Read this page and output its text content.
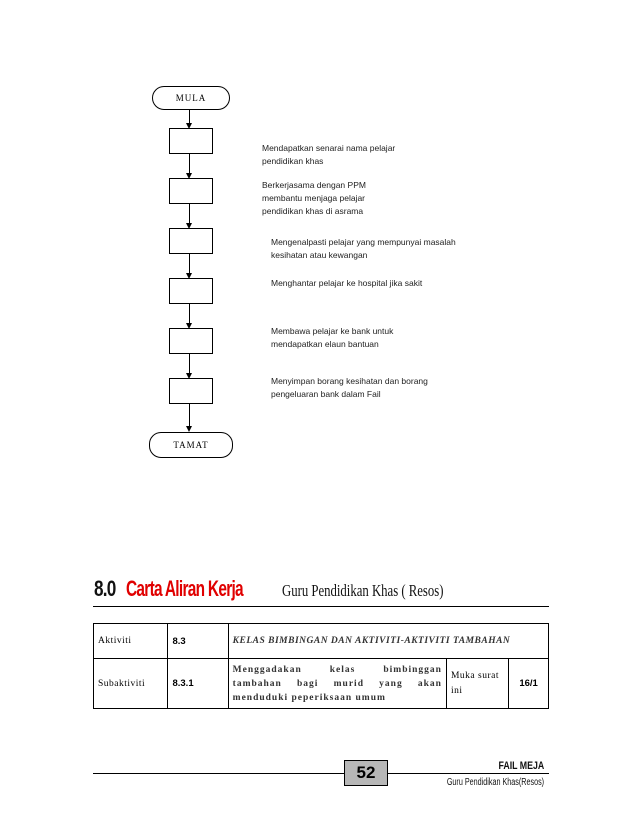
MULA
TAMAT
Mendapatkan senarai nama pelajar
pendidikan khas
Berkerjasama dengan PPM
membantu menjaga pelajar
pendidikan khas di asrama
Mengenalpasti pelajar yang mempunyai masalah
kesihatan atau kewangan
Menghantar pelajar ke hospital jika sakit
Membawa pelajar ke bank untuk
mendapatkan elaun bantuan
Menyimpan borang kesihatan dan borang
pengeluaran bank dalam Fail
8.0 Carta Aliran Kerja Guru Pendidikan Khas ( Resos)
Aktiviti	8.3	KELAS BIMBINGAN DAN AKTIVITI-AKTIVITI TAMBAHAN		
Subaktiviti	8.3.1	Menggadakan kelas bimbinggan tambahan bagi murid yang akan menduduki peperiksaan umum	Muka surat ini	16/1
52	FAIL MEJA
Guru Pendidikan Khas(Resos)
